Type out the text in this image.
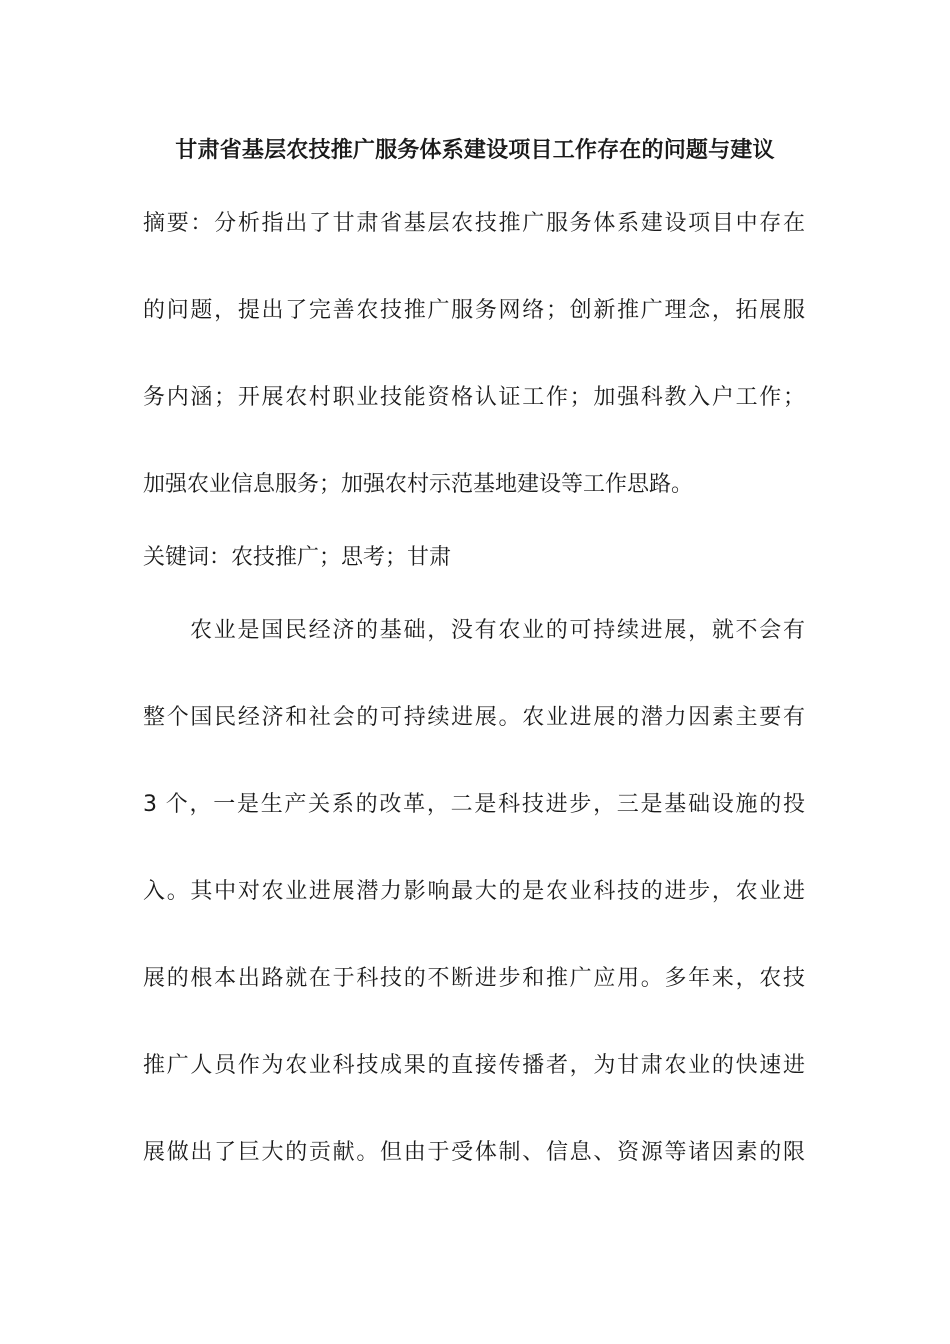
甘肃省基层农技推广服务体系建设项目工作存在的问题与建议
摘要：分析指出了甘肃省基层农技推广服务体系建设项目中存在
的问题，提出了完善农技推广服务网络；创新推广理念，拓展服
务内涵；开展农村职业技能资格认证工作；加强科教入户工作；
加强农业信息服务；加强农村示范基地建设等工作思路。
关键词：农技推广；思考；甘肃
农业是国民经济的基础，没有农业的可持续进展，就不会有
整个国民经济和社会的可持续进展。农业进展的潜力因素主要有
3 个，一是生产关系的改革，二是科技进步，三是基础设施的投
入。其中对农业进展潜力影响最大的是农业科技的进步，农业进
展的根本出路就在于科技的不断进步和推广应用。多年来，农技
推广人员作为农业科技成果的直接传播者，为甘肃农业的快速进
展做出了巨大的贡献。但由于受体制、信息、资源等诸因素的限
